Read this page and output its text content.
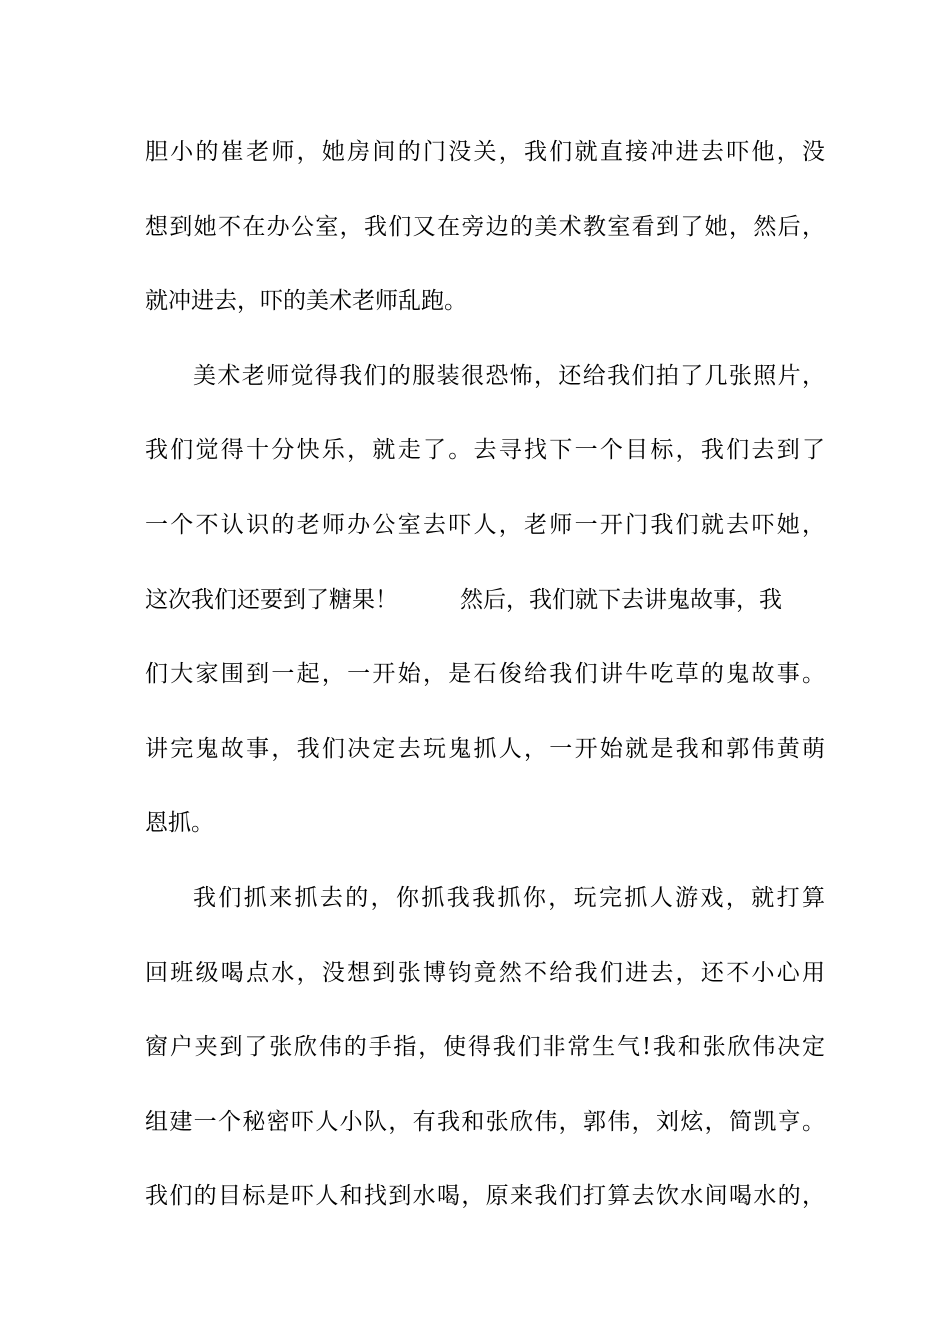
胆小的崔老师，她房间的门没关，我们就直接冲进去吓他，没
想到她不在办公室，我们又在旁边的美术教室看到了她，然后，
就冲进去，吓的美术老师乱跑。
美术老师觉得我们的服装很恐怖，还给我们拍了几张照片，
我们觉得十分快乐，就走了。去寻找下一个目标，我们去到了
一个不认识的老师办公室去吓人，老师一开门我们就去吓她，
这次我们还要到了糖果！	然后，我们就下去讲鬼故事，我
们大家围到一起，一开始，是石俊给我们讲牛吃草的鬼故事。
讲完鬼故事，我们决定去玩鬼抓人，一开始就是我和郭伟黄萌
恩抓。
我们抓来抓去的，你抓我我抓你，玩完抓人游戏，就打算
回班级喝点水，没想到张博钧竟然不给我们进去，还不小心用
窗户夹到了张欣伟的手指，使得我们非常生气!我和张欣伟决定
组建一个秘密吓人小队，有我和张欣伟，郭伟，刘炫，简凯亨。
我们的目标是吓人和找到水喝，原来我们打算去饮水间喝水的，
